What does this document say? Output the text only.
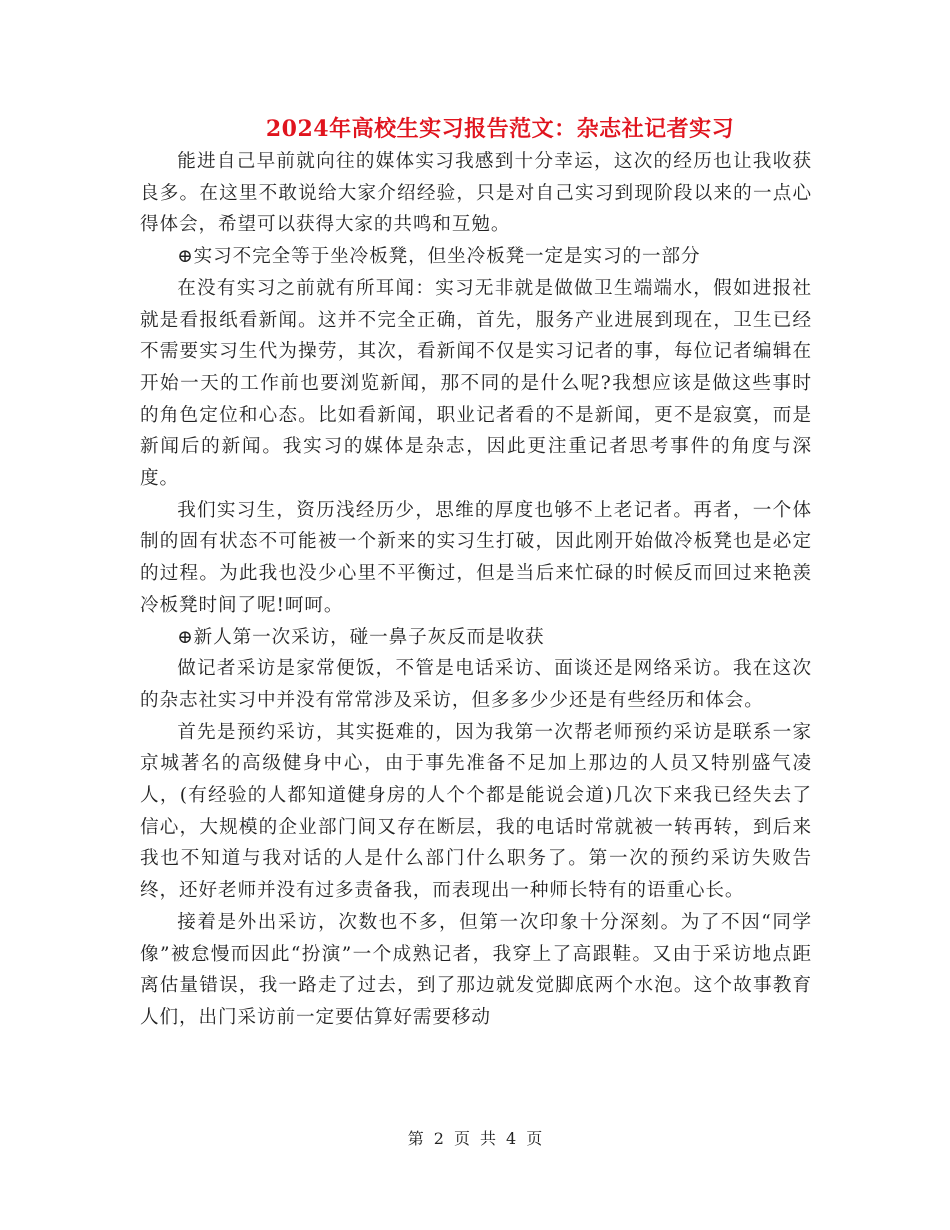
2024年高校生实习报告范文：杂志社记者实习

能进自己早前就向往的媒体实习我感到十分幸运，这次的经历也让我收获良多。在这里不敢说给大家介绍经验，只是对自己实习到现阶段以来的一点心得体会，希望可以获得大家的共鸣和互勉。

⊕实习不完全等于坐冷板凳，但坐冷板凳一定是实习的一部分

在没有实习之前就有所耳闻：实习无非就是做做卫生端端水，假如进报社就是看报纸看新闻。这并不完全正确，首先，服务产业进展到现在，卫生已经不需要实习生代为操劳，其次，看新闻不仅是实习记者的事，每位记者编辑在开始一天的工作前也要浏览新闻，那不同的是什么呢?我想应该是做这些事时的角色定位和心态。比如看新闻，职业记者看的不是新闻，更不是寂寞，而是新闻后的新闻。我实习的媒体是杂志，因此更注重记者思考事件的角度与深度。

我们实习生，资历浅经历少，思维的厚度也够不上老记者。再者，一个体制的固有状态不可能被一个新来的实习生打破，因此刚开始做冷板凳也是必定的过程。为此我也没少心里不平衡过，但是当后来忙碌的时候反而回过来艳羡冷板凳时间了呢!呵呵。

⊕新人第一次采访，碰一鼻子灰反而是收获

做记者采访是家常便饭，不管是电话采访、面谈还是网络采访。我在这次的杂志社实习中并没有常常涉及采访，但多多少少还是有些经历和体会。

首先是预约采访，其实挺难的，因为我第一次帮老师预约采访是联系一家京城著名的高级健身中心，由于事先准备不足加上那边的人员又特别盛气凌人，(有经验的人都知道健身房的人个个都是能说会道)几次下来我已经失去了信心，大规模的企业部门间又存在断层，我的电话时常就被一转再转，到后来我也不知道与我对话的人是什么部门什么职务了。第一次的预约采访失败告终，还好老师并没有过多责备我，而表现出一种师长特有的语重心长。

接着是外出采访，次数也不多，但第一次印象十分深刻。为了不因“同学像”被怠慢而因此“扮演”一个成熟记者，我穿上了高跟鞋。又由于采访地点距离估量错误，我一路走了过去，到了那边就发觉脚底两个水泡。这个故事教育人们，出门采访前一定要估算好需要移动

第 2 页 共 4 页
